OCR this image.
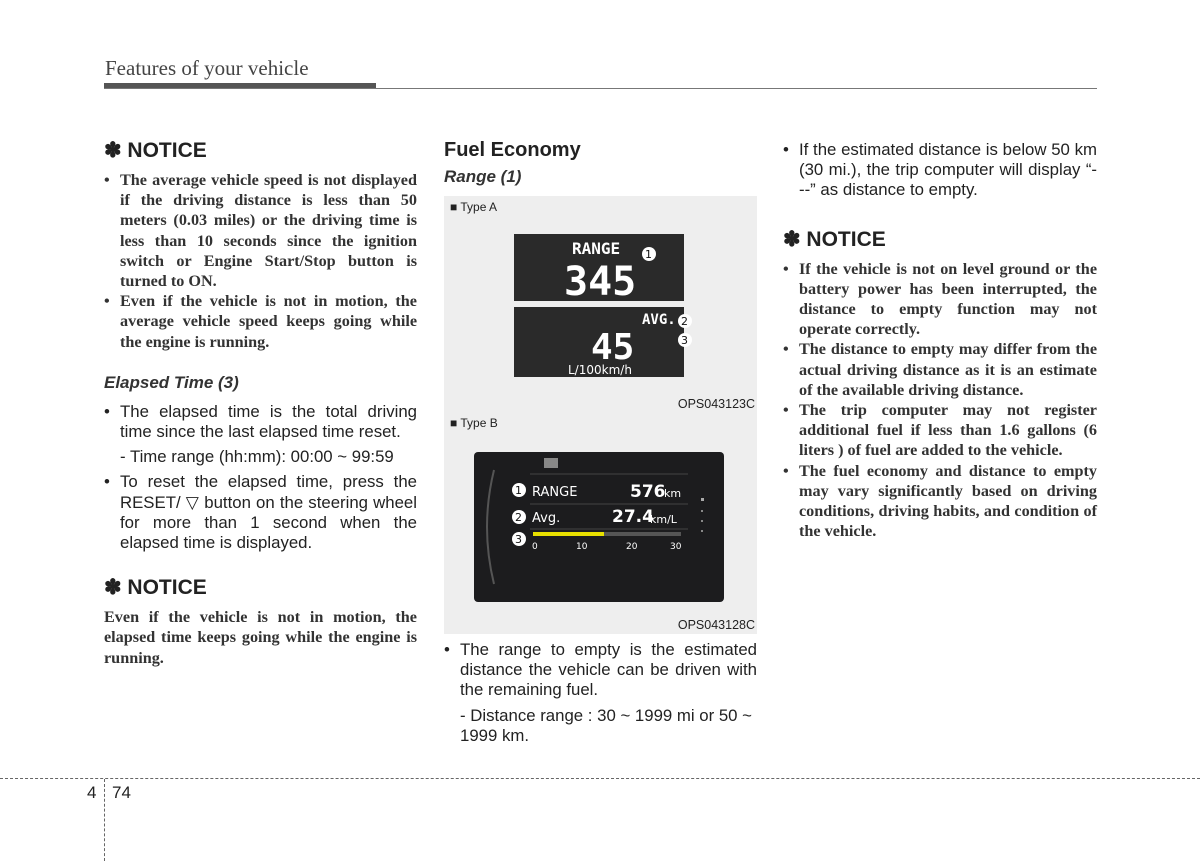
Features of your vehicle
✽ NOTICE
• The average vehicle speed is not displayed if the driving distance is less than 50 meters (0.03 miles) or the driving time is less than 10 seconds since the ignition switch or Engine Start/Stop button is turned to ON.
• Even if the vehicle is not in motion, the average vehicle speed keeps going while the engine is running.
Elapsed Time (3)
• The elapsed time is the total driving time since the last elapsed time reset.
- Time range (hh:mm): 00:00 ~ 99:59
• To reset the elapsed time, press the RESET/ ▽ button on the steering wheel for more than 1 second when the elapsed time is displayed.
✽ NOTICE

Even if the vehicle is not in motion, the elapsed time keeps going while the engine is running.

Fuel Economy
Range (1)
■ Type A
RANGE
345
AVG.
45
L/100km/h
1
2
3
OPS043123C
■ Type B
RANGE	576
km
Avg.	27.4
km/L
0	10	20	30
1
2
3
OPS043128C
• The range to empty is the estimated distance the vehicle can be driven with the remaining fuel.
- Distance range : 30 ~ 1999 mi or 50 ~ 1999 km.
• If the estimated distance is below 50 km (30 mi.), the trip computer will display “---” as distance to empty.
✽ NOTICE
• If the vehicle is not on level ground or the battery power has been interrupted, the distance to empty function may not operate correctly.
• The distance to empty may differ from the actual driving distance as it is an estimate of the available driving distance.
• The trip computer may not register additional fuel if less than 1.6 gallons (6 liters ) of fuel are added to the vehicle.
• The fuel economy and distance to empty may vary significantly based on driving conditions, driving habits, and condition of the vehicle.
4 74
